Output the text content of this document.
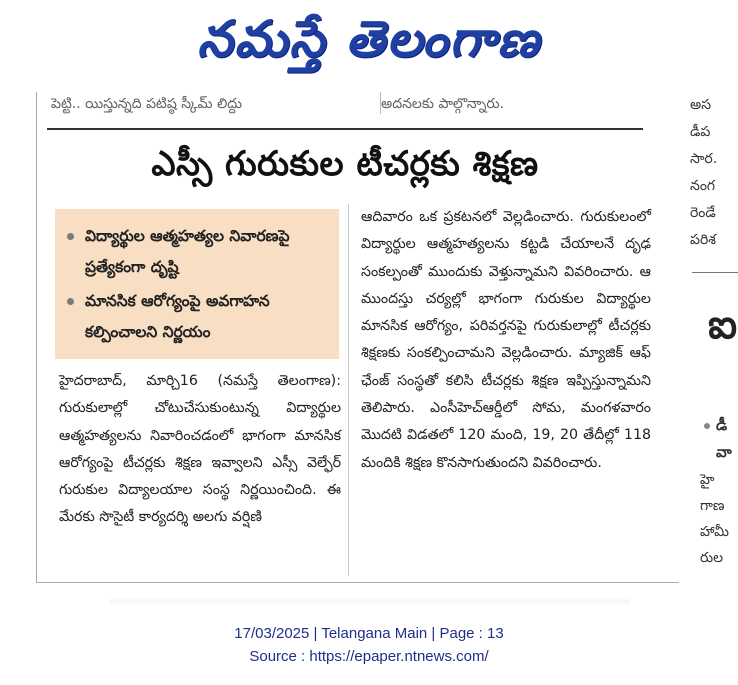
నమస్తే తెలంగాణ
పెట్టి.. యిస్తున్నది పటిష్ఠ స్కీమ్ లిద్దు	అదనలకు పాల్గొన్నారు.
ఎస్సీ గురుకుల టీచర్లకు శిక్షణ
విద్యార్థుల ఆత్మహత్యల నివారణపై ప్రత్యేకంగా దృష్టి
మానసిక ఆరోగ్యంపై అవగాహన కల్పించాలని నిర్ణయం
హైదరాబాద్, మార్చి16 (నమస్తే తెలంగాణ): గురుకులాల్లో చోటుచేసుకుంటున్న విద్యార్థుల ఆత్మహత్యలను నివారించడంలో భాగంగా మానసిక ఆరోగ్యంపై టీచర్లకు శిక్షణ ఇవ్వాలని ఎస్సీ వెల్ఫేర్ గురుకుల విద్యాలయాల సంస్థ నిర్ణయించింది. ఈ మేరకు సొసైటీ కార్యదర్శి అలగు వర్షిణి
ఆదివారం ఒక ప్రకటనలో వెల్లడించారు. గురుకులంలో విద్యార్థుల ఆత్మహత్యలను కట్టడి చేయాలనే దృఢ సంకల్పంతో ముందుకు వెళ్తున్నామని వివరించారు. ఆ ముందస్తు చర్యల్లో భాగంగా గురుకుల విద్యార్థుల మానసిక ఆరోగ్యం, పరివర్తనపై గురుకులాల్లో టీచర్లకు శిక్షణకు సంకల్పించామని వెల్లడించారు. మ్యాజిక్ ఆఫ్ ఛేంజ్ సంస్థతో కలిసి టీచర్లకు శిక్షణ ఇప్పిస్తున్నామని తెలిపారు. ఎంసీహెచ్ఆర్డీలో సోమ, మంగళవారం మొదటి విడతలో 120 మంది, 19, 20 తేదీల్లో 118 మందికి శిక్షణ కొనసాగుతుందని వివరించారు.
అస
డీప
సార.
నంగ
రెండే
పరిశ
ఐ
డీ
వా
హై
గాణ
హామీ
రుల
17/03/2025 | Telangana Main | Page : 13
Source : https://epaper.ntnews.com/
